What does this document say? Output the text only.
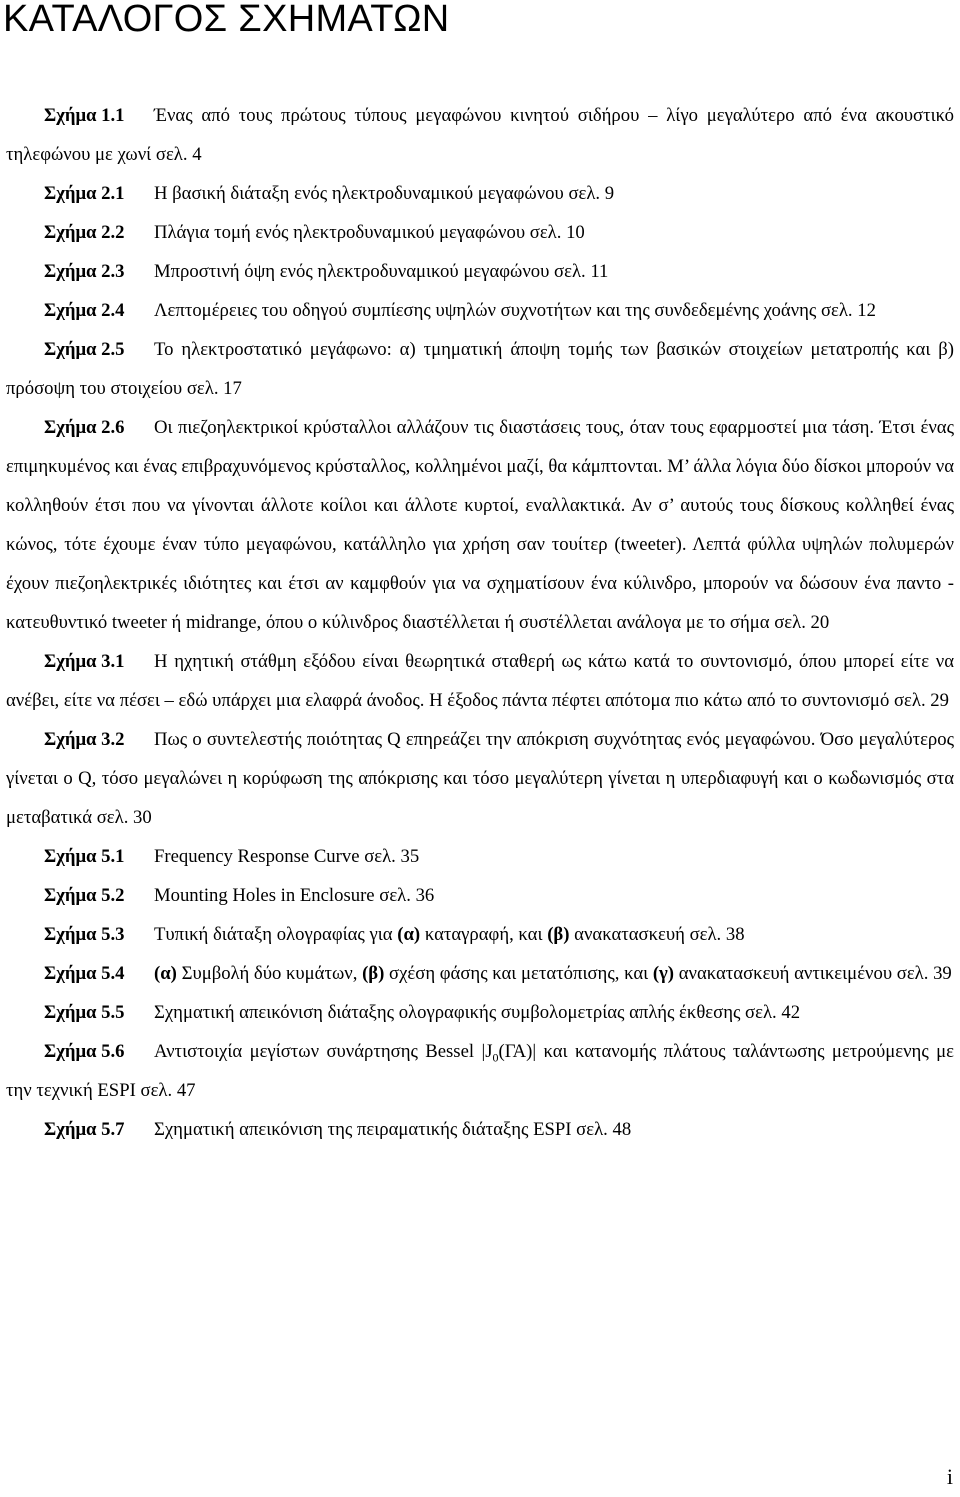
ΚΑΤΑΛΟΓΟΣ ΣΧΗΜΑΤΩΝ
Σχήμα 1.1 Ένας από τους πρώτους τύπους μεγαφώνου κινητού σιδήρου – λίγο μεγαλύτερο από ένα ακουστικό τηλεφώνου με χωνί σελ. 4
Σχήμα 2.1 Η βασική διάταξη ενός ηλεκτροδυναμικού μεγαφώνου σελ. 9
Σχήμα 2.2 Πλάγια τομή ενός ηλεκτροδυναμικού μεγαφώνου σελ. 10
Σχήμα 2.3 Μπροστινή όψη ενός ηλεκτροδυναμικού μεγαφώνου σελ. 11
Σχήμα 2.4 Λεπτομέρειες του οδηγού συμπίεσης υψηλών συχνοτήτων και της συνδεδεμένης χοάνης σελ. 12
Σχήμα 2.5 Το ηλεκτροστατικό μεγάφωνο: α) τμηματική άποψη τομής των βασικών στοιχείων μετατροπής και β) πρόσοψη του στοιχείου σελ. 17
Σχήμα 2.6 Οι πιεζοηλεκτρικοί κρύσταλλοι αλλάζουν τις διαστάσεις τους, όταν τους εφαρμοστεί μια τάση. Έτσι ένας επιμηκυμένος και ένας επιβραχυνόμενος κρύσταλλος, κολλημένοι μαζί, θα κάμπτονται. Μ’ άλλα λόγια δύο δίσκοι μπορούν να κολληθούν έτσι που να γίνονται άλλοτε κοίλοι και άλλοτε κυρτοί, εναλλακτικά. Αν σ’ αυτούς τους δίσκους κολληθεί ένας κώνος, τότε έχουμε έναν τύπο μεγαφώνου, κατάλληλο για χρήση σαν τουίτερ (tweeter). Λεπτά φύλλα υψηλών πολυμερών έχουν πιεζοηλεκτρικές ιδιότητες και έτσι αν καμφθούν για να σχηματίσουν ένα κύλινδρο, μπορούν να δώσουν ένα παντο - κατευθυντικό tweeter ή midrange, όπου ο κύλινδρος διαστέλλεται ή συστέλλεται ανάλογα με το σήμα σελ. 20
Σχήμα 3.1 Η ηχητική στάθμη εξόδου είναι θεωρητικά σταθερή ως κάτω κατά το συντονισμό, όπου μπορεί είτε να ανέβει, είτε να πέσει – εδώ υπάρχει μια ελαφρά άνοδος. Η έξοδος πάντα πέφτει απότομα πιο κάτω από το συντονισμό σελ. 29
Σχήμα 3.2 Πως ο συντελεστής ποιότητας Q επηρεάζει την απόκριση συχνότητας ενός μεγαφώνου. Όσο μεγαλύτερος γίνεται ο Q, τόσο μεγαλώνει η κορύφωση της απόκρισης και τόσο μεγαλύτερη γίνεται η υπερδιαφυγή και ο κωδωνισμός στα μεταβατικά σελ. 30
Σχήμα 5.1 Frequency Response Curve σελ. 35
Σχήμα 5.2 Mounting Holes in Enclosure σελ. 36
Σχήμα 5.3 Τυπική διάταξη ολογραφίας για (α) καταγραφή, και (β) ανακατασκευή σελ. 38
Σχήμα 5.4 (α) Συμβολή δύο κυμάτων, (β) σχέση φάσης και μετατόπισης, και (γ) ανακατασκευή αντικειμένου σελ. 39
Σχήμα 5.5 Σχηματική απεικόνιση διάταξης ολογραφικής συμβολομετρίας απλής έκθεσης σελ. 42
Σχήμα 5.6 Αντιστοιχία μεγίστων συνάρτησης Bessel $|J_0(\Gamma A)|$ και κατανομής πλάτους ταλάντωσης μετρούμενης με την τεχνική ESPI σελ. 47
Σχήμα 5.7 Σχηματική απεικόνιση της πειραματικής διάταξης ESPI σελ. 48
i
